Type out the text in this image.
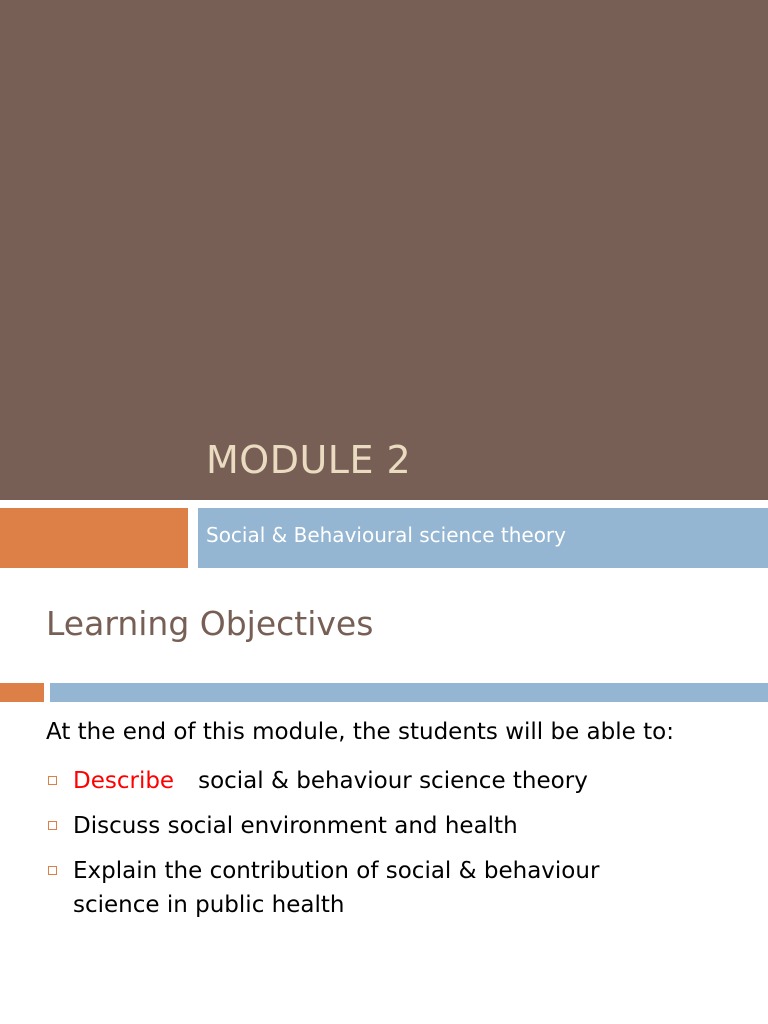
MODULE 2
Social & Behavioural science theory
Learning Objectives
At the end of this module, the students will be able to:
Describe social & behaviour science theory
Discuss social environment and health
Explain the contribution of social & behaviour science in public health
